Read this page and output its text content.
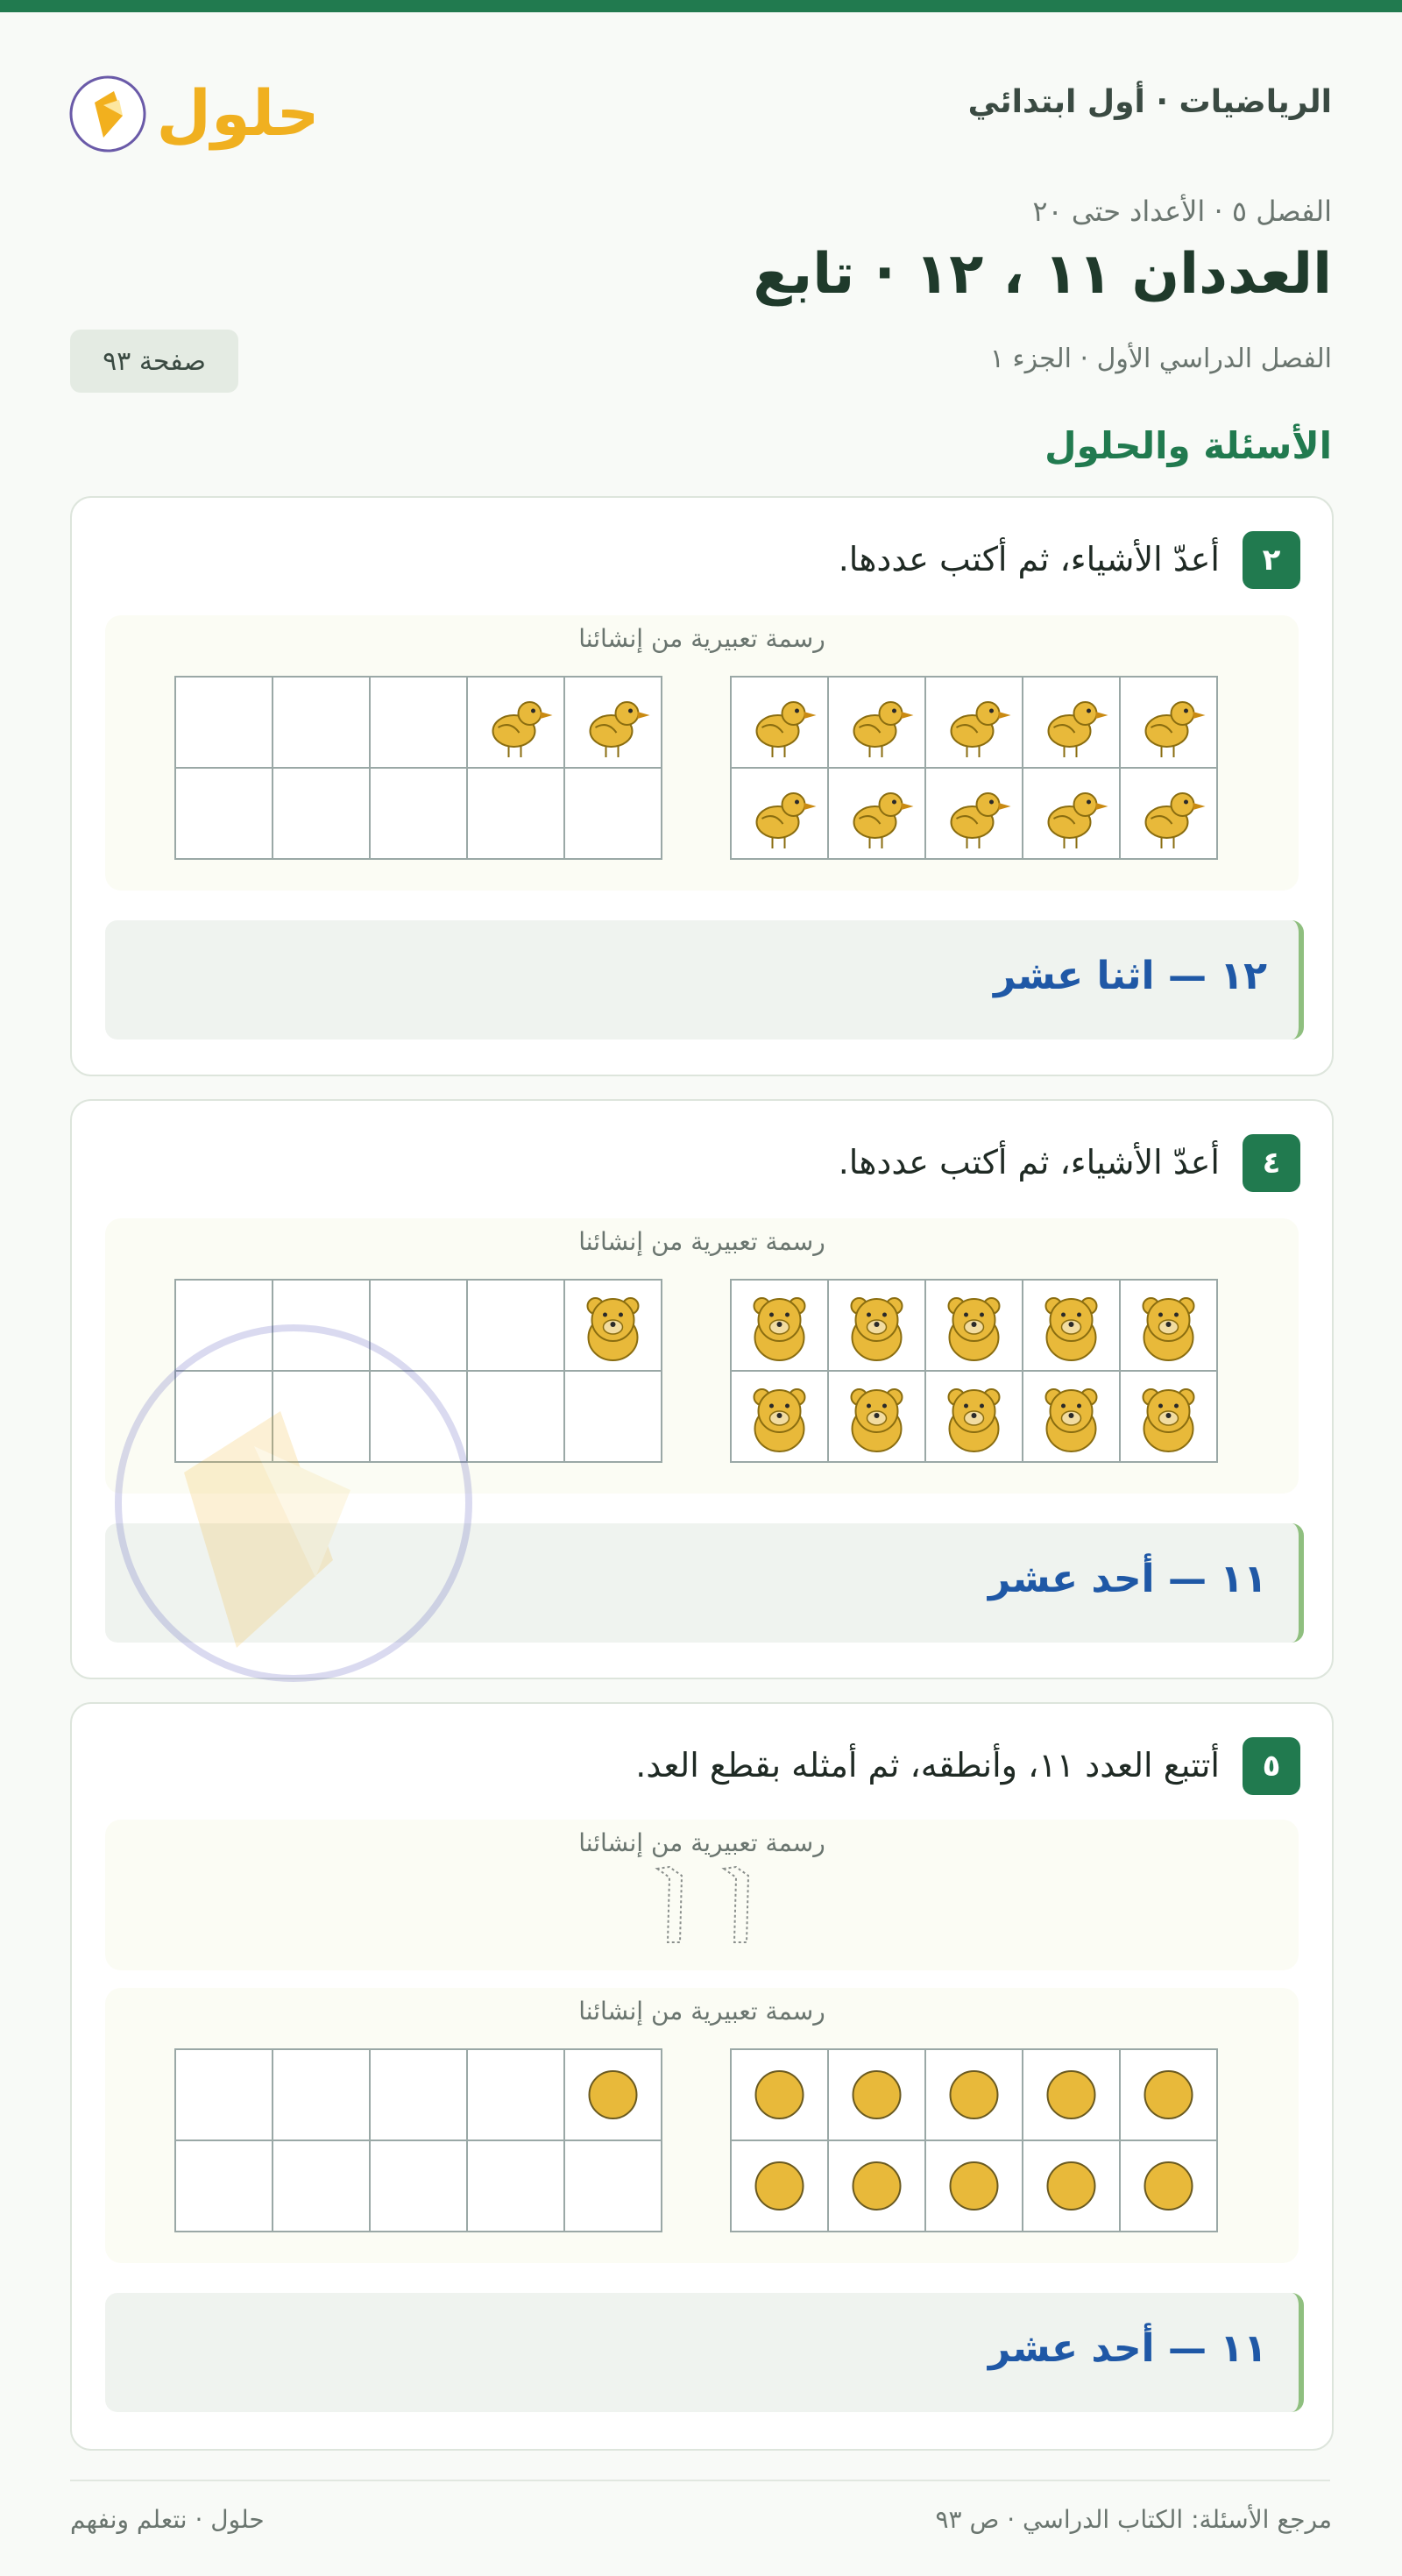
حلول	الرياضيات · أول ابتدائي
الفصل ٥ · الأعداد حتى ٢٠
العددان ١١ ، ١٢ · تابع
الفصل الدراسي الأول · الجزء ١
صفحة ٩٣
الأسئلة والحلول
٢
أعدّ الأشياء، ثم أكتب عددها.
رسمة تعبيرية من إنشائنا
١٢ — اثنا عشر
٤
أعدّ الأشياء، ثم أكتب عددها.
رسمة تعبيرية من إنشائنا
١١ — أحد عشر
٥
أتتبع العدد ١١، وأنطقه، ثم أمثله بقطع العد.
رسمة تعبيرية من إنشائنا
رسمة تعبيرية من إنشائنا
١١ — أحد عشر
مرجع الأسئلة: الكتاب الدراسي · ص ٩٣
حلول · نتعلم ونفهم
